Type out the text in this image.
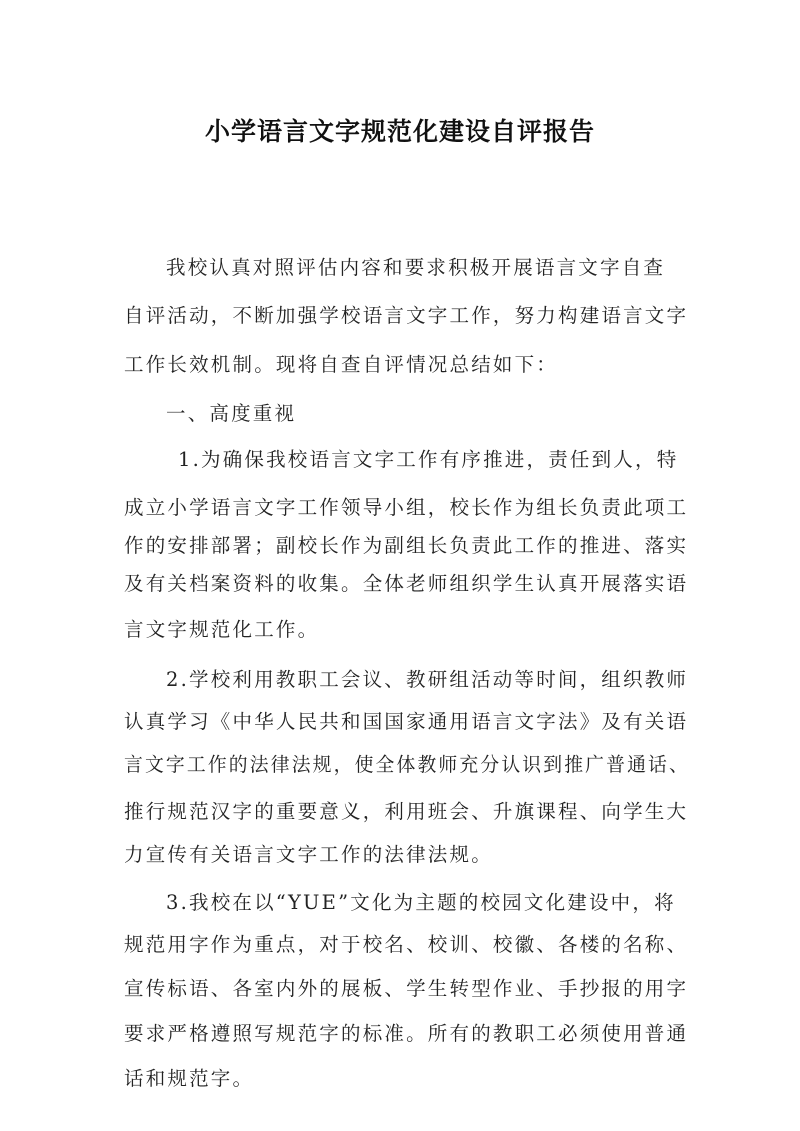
小学语言文字规范化建设自评报告
我校认真对照评估内容和要求积极开展语言文字自查
自评活动，不断加强学校语言文字工作，努力构建语言文字
工作长效机制。现将自查自评情况总结如下：
一、高度重视
1.为确保我校语言文字工作有序推进，责任到人，特
成立小学语言文字工作领导小组，校长作为组长负责此项工
作的安排部署；副校长作为副组长负责此工作的推进、落实
及有关档案资料的收集。全体老师组织学生认真开展落实语
言文字规范化工作。
2.学校利用教职工会议、教研组活动等时间，组织教师
认真学习《中华人民共和国国家通用语言文字法》及有关语
言文字工作的法律法规，使全体教师充分认识到推广普通话、
推行规范汉字的重要意义，利用班会、升旗课程、向学生大
力宣传有关语言文字工作的法律法规。
3.我校在以“YUE”文化为主题的校园文化建设中，将
规范用字作为重点，对于校名、校训、校徽、各楼的名称、
宣传标语、各室内外的展板、学生转型作业、手抄报的用字
要求严格遵照写规范字的标准。所有的教职工必须使用普通
话和规范字。
